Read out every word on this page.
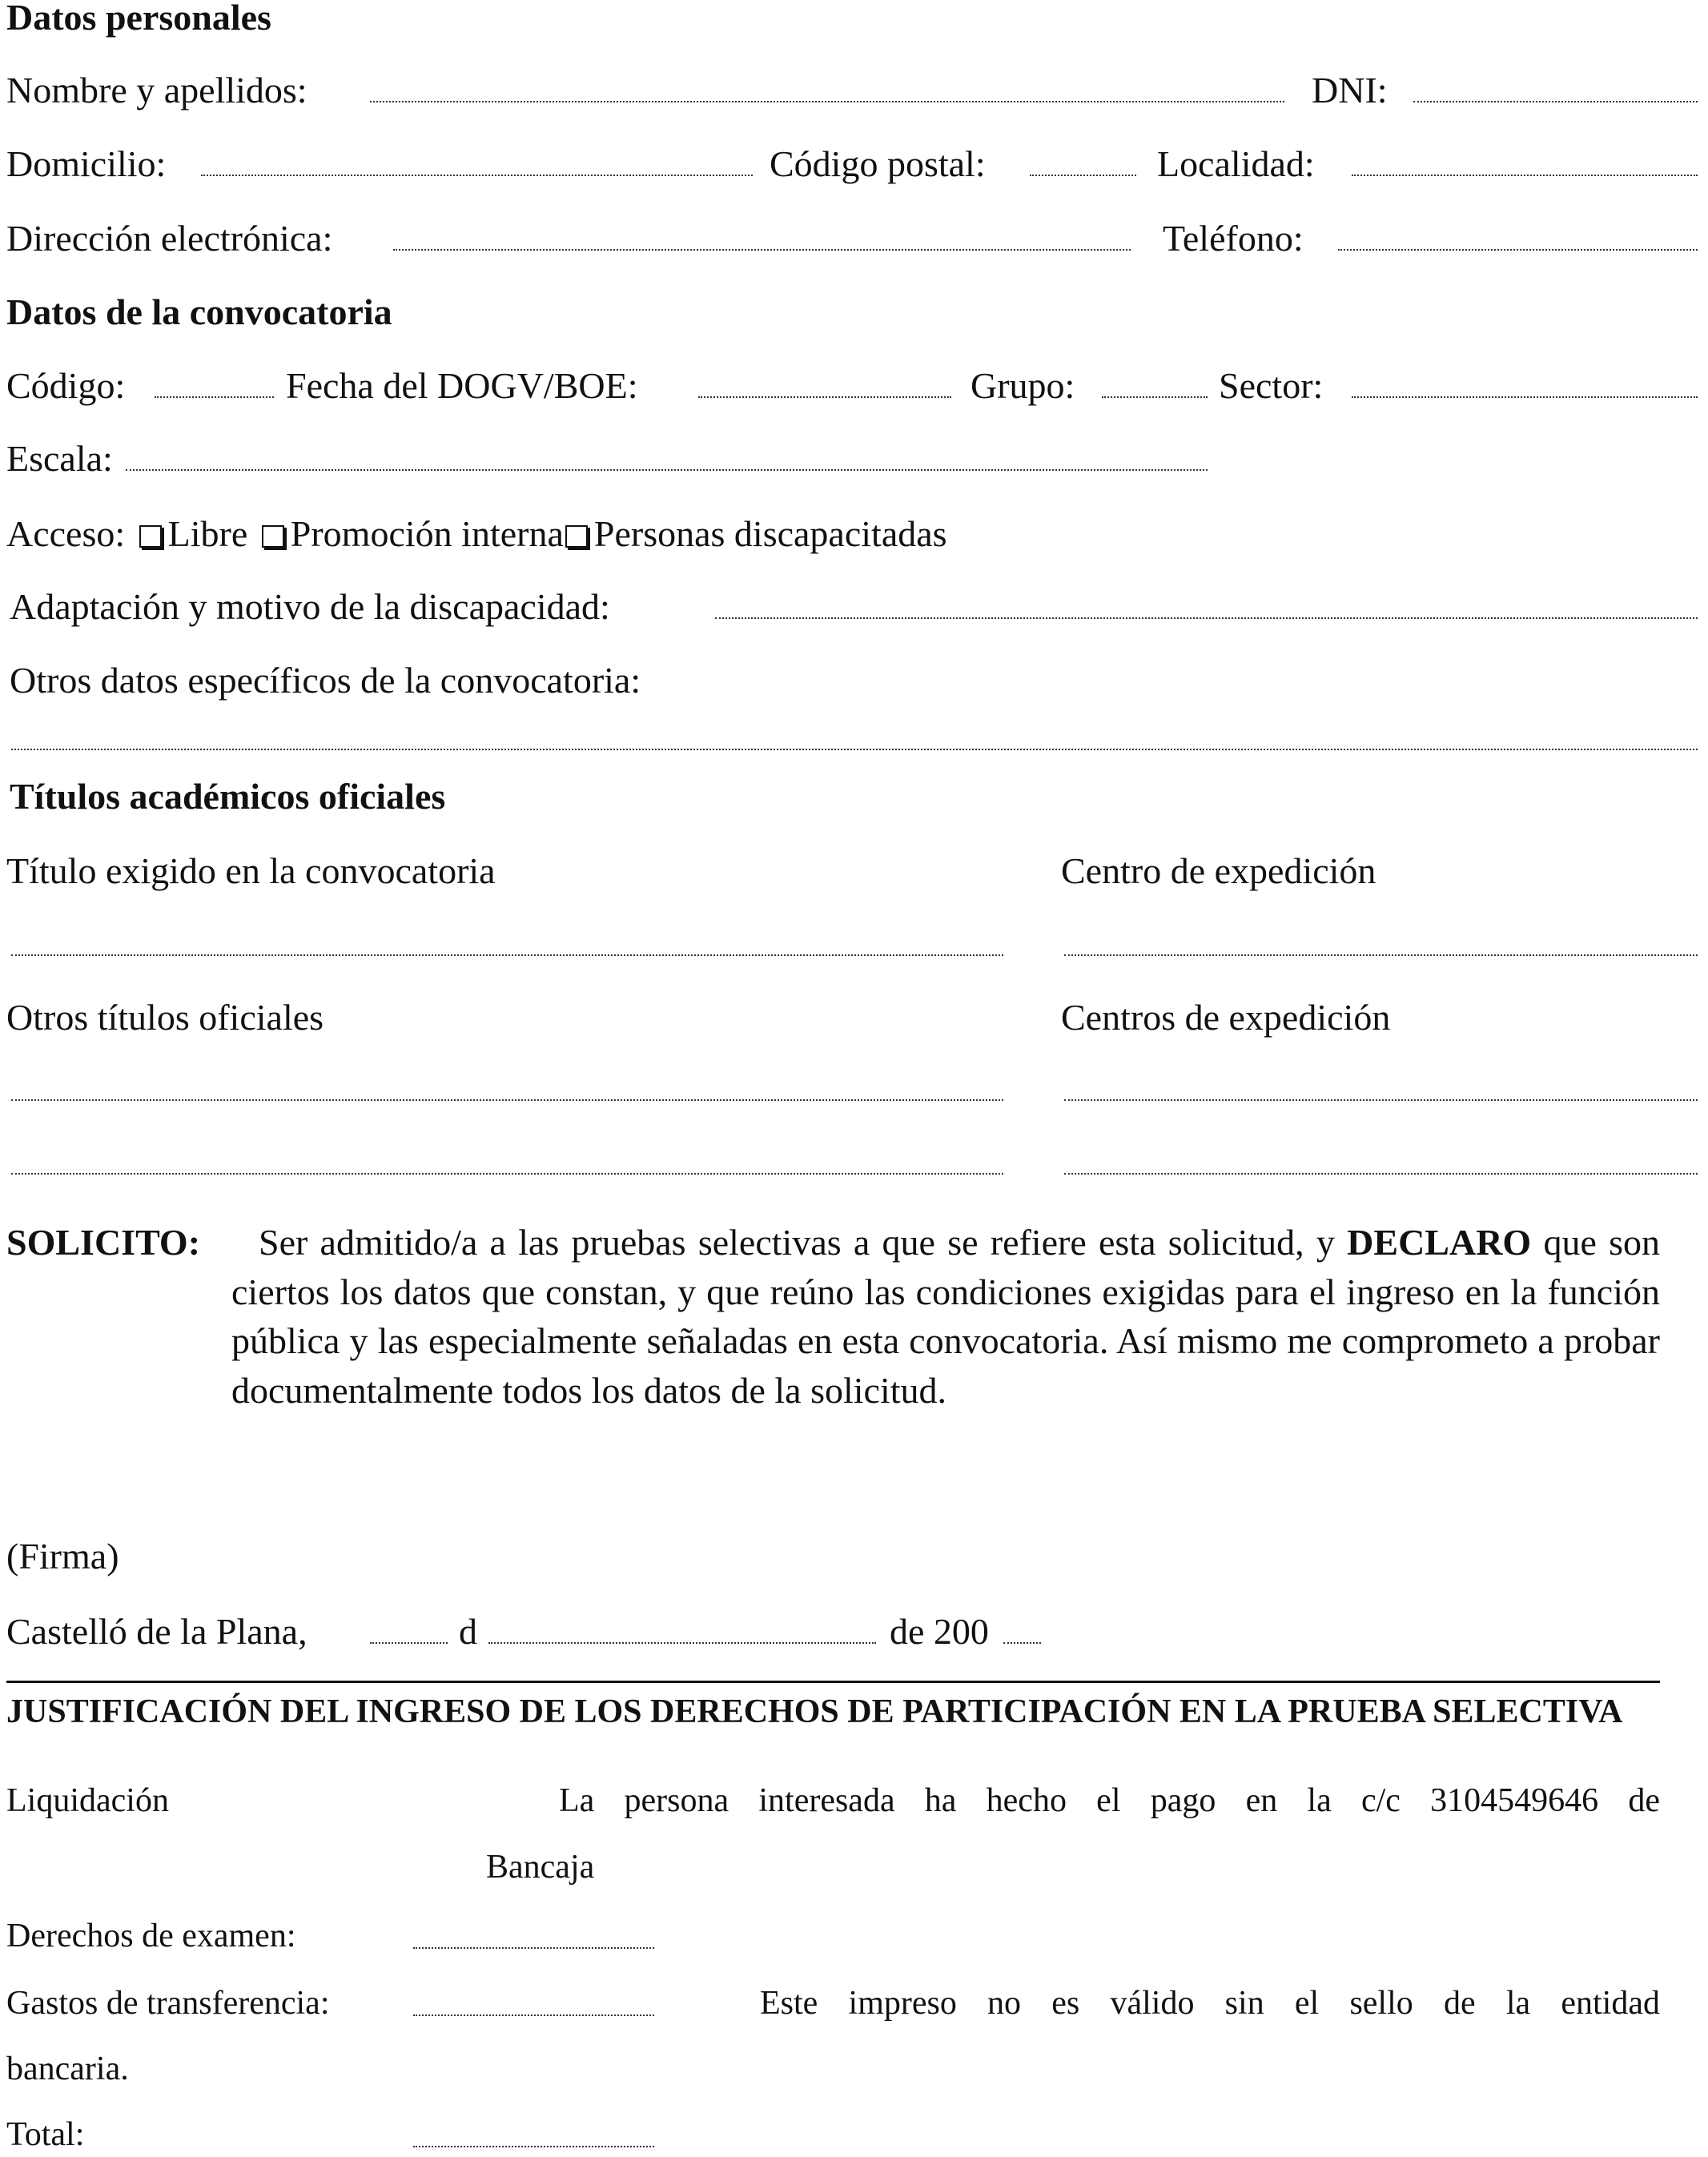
Datos personales
Nombre y apellidos:	DNI:
Domicilio:	Código postal:	Localidad:
Dirección electrónica:	Teléfono:
Datos de la convocatoria
Código:	Fecha del DOGV/BOE:	Grupo:	Sector:
Escala:
Acceso: Libre Promoción interna Personas discapacitadas
Adaptación y motivo de la discapacidad:
Otros datos específicos de la convocatoria:
Títulos académicos oficiales
Título exigido en la convocatoria	Centro de expedición
Otros títulos oficiales	Centros de expedición
SOLICITO:	Ser admitido/a a las pruebas selectivas a que se refiere esta solicitud, y DECLARO que son ciertos los datos que constan, y que reúno las condiciones exigidas para el ingreso en la función pública y las especialmente señaladas en esta convocatoria. Así mismo me comprometo a probar documentalmente todos los datos de la solicitud.
(Firma)
Castelló de la Plana,	d	de 200
JUSTIFICACIÓN DEL INGRESO DE LOS DERECHOS DE PARTICIPACIÓN EN LA PRUEBA SELECTIVA
Liquidación	La persona interesada ha hecho el pago en la c/c 3104549646 de
Bancaja
Derechos de examen:
Gastos de transferencia:	Este impreso no es válido sin el sello de la entidad
bancaria.
Total:
